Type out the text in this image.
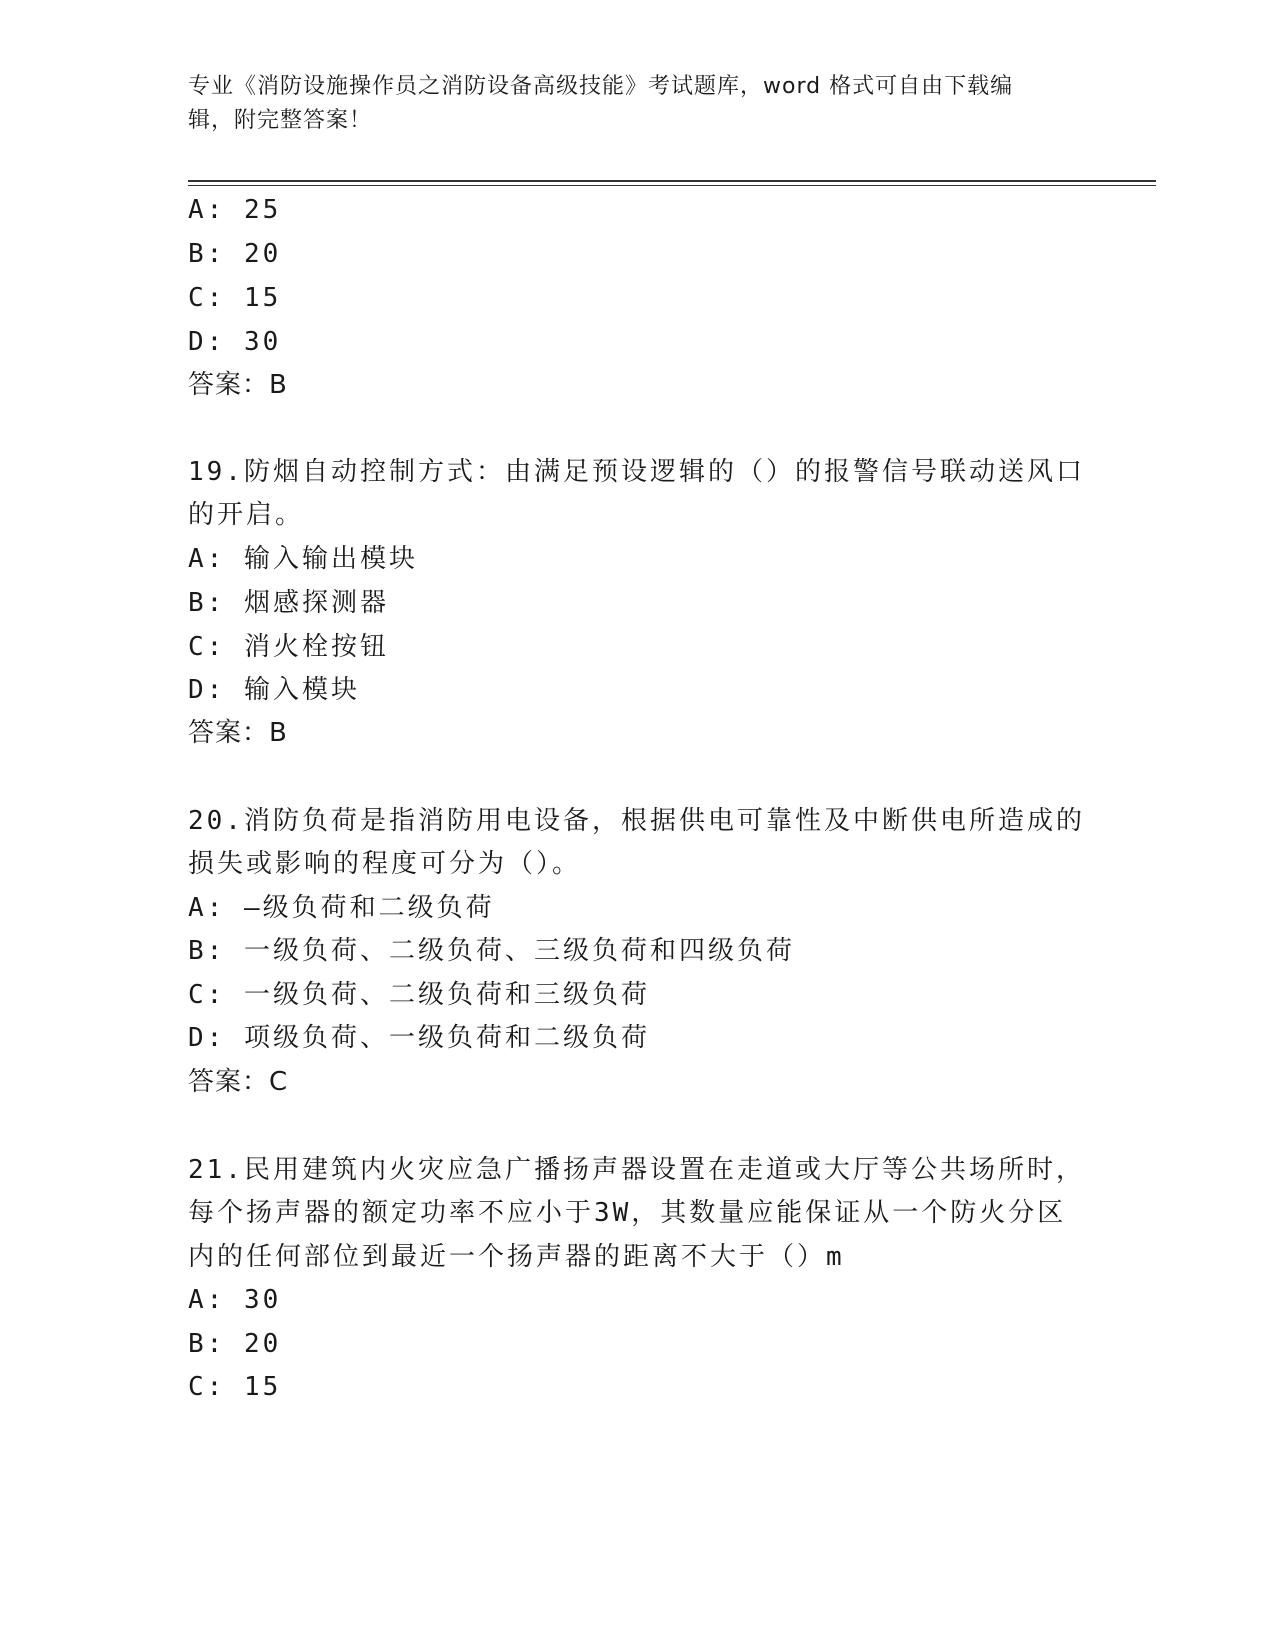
专业《消防设施操作员之消防设备高级技能》考试题库，word 格式可自由下载编
辑，附完整答案！
A: 25
B: 20
C: 15
D: 30
答案：B
19.防烟自动控制方式：由满足预设逻辑的（）的报警信号联动送风口
的开启。
A: 输入输出模块
B: 烟感探测器
C: 消火栓按钮
D: 输入模块
答案：B
20.消防负荷是指消防用电设备，根据供电可靠性及中断供电所造成的
损失或影响的程度可分为（）。
A: —级负荷和二级负荷
B: 一级负荷、二级负荷、三级负荷和四级负荷
C: 一级负荷、二级负荷和三级负荷
D: 项级负荷、一级负荷和二级负荷
答案：C
21.民用建筑内火灾应急广播扬声器设置在走道或大厅等公共场所时，
每个扬声器的额定功率不应小于3W，其数量应能保证从一个防火分区
内的任何部位到最近一个扬声器的距离不大于（）m
A: 30
B: 20
C: 15
